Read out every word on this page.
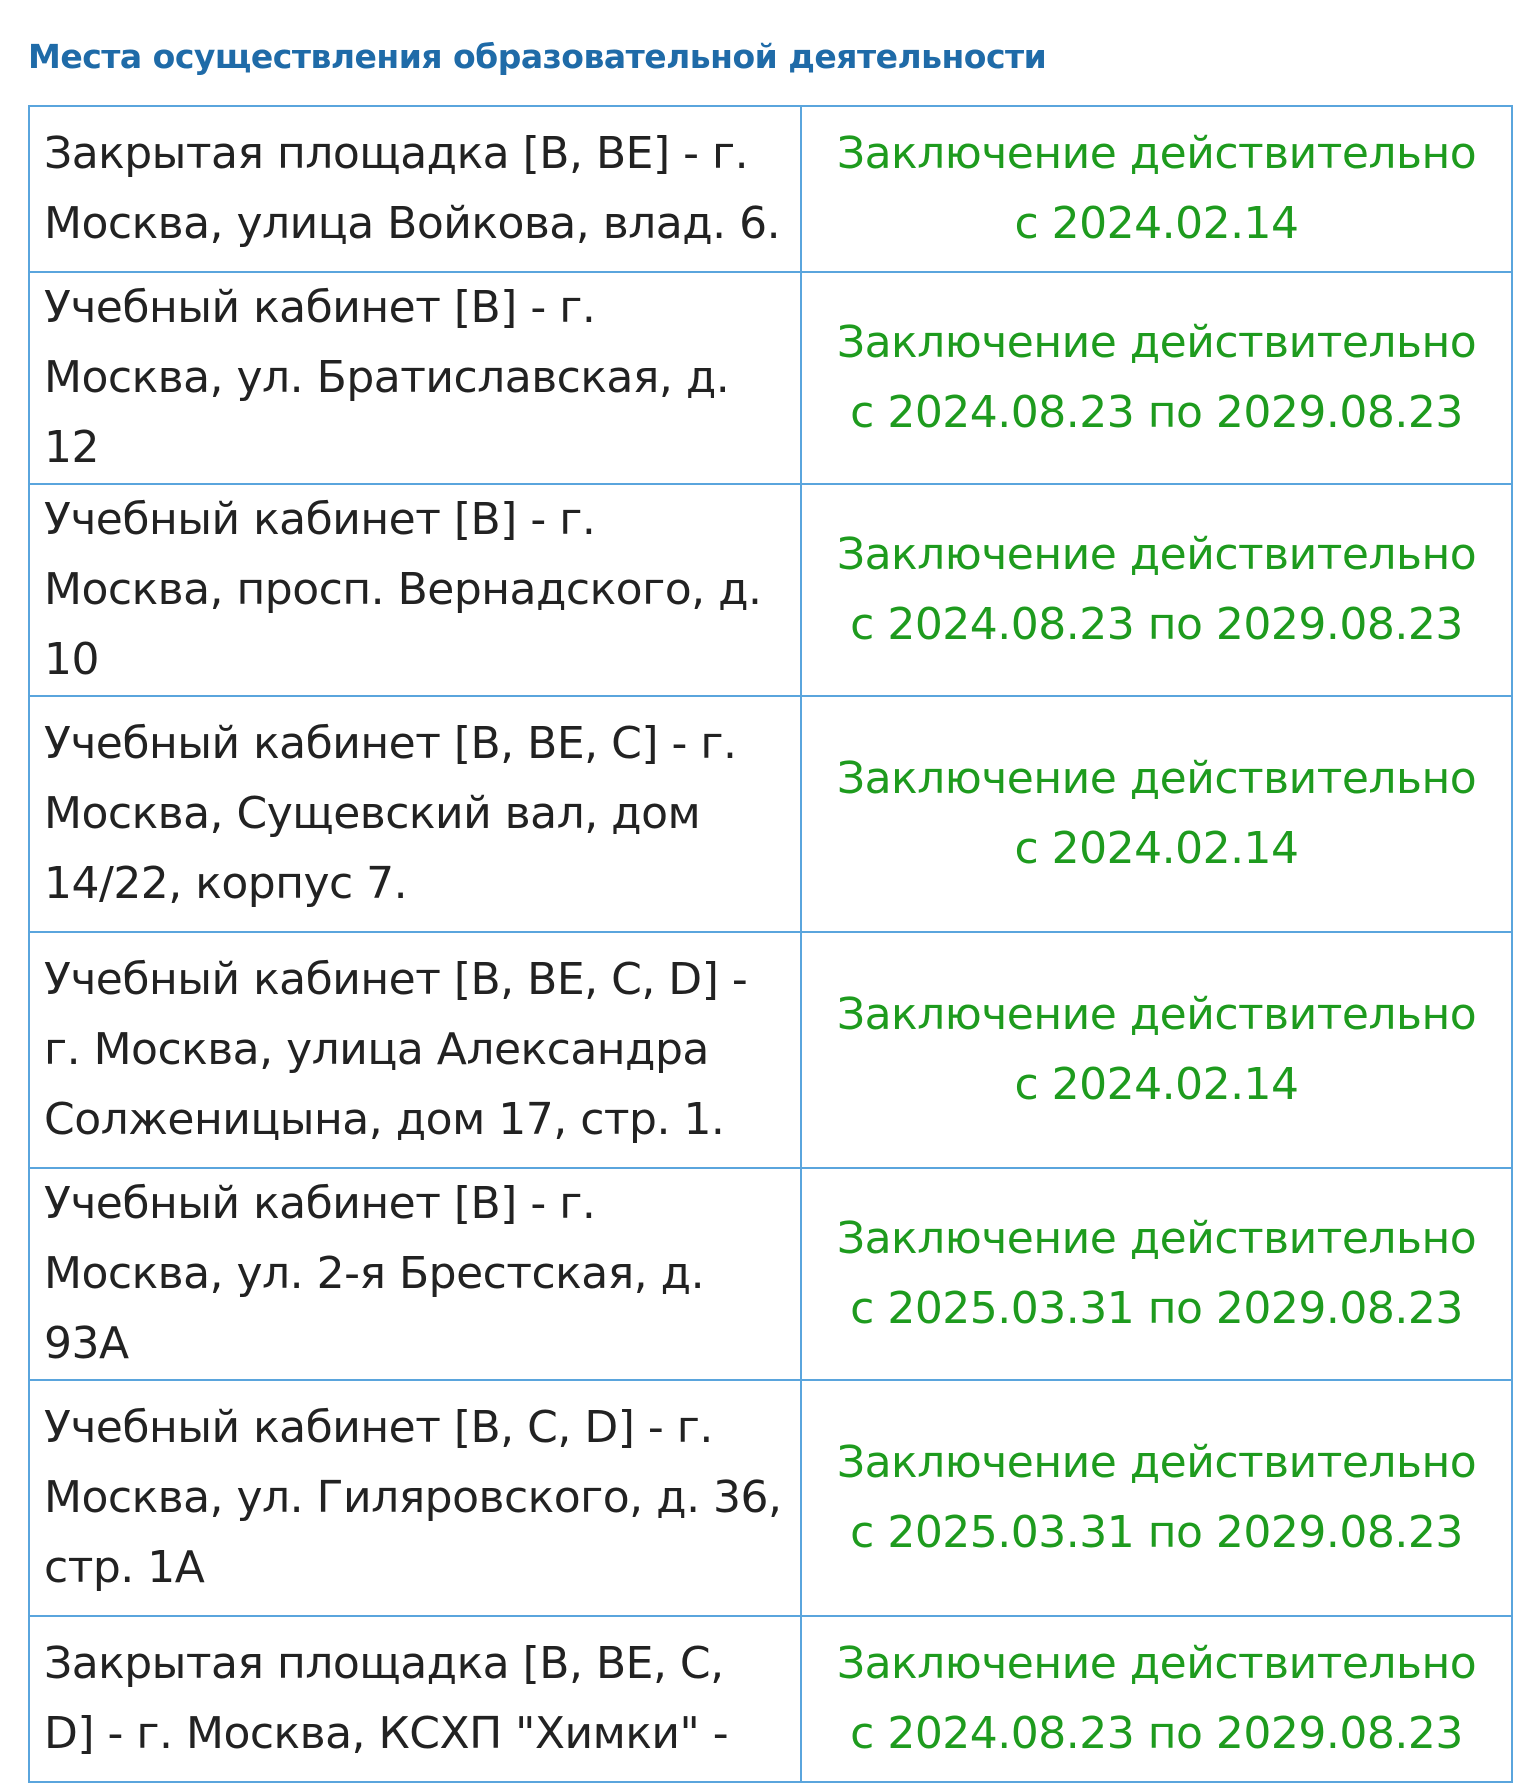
Места осуществления образовательной деятельности
Закрытая площадка [B, BE] - г. Москва, улица Войкова, влад. 6.	Заключение действительно
с 2024.02.14

Учебный кабинет [B] - г. Москва, ул. Братиславская, д. 12	Заключение действительно
с 2024.08.23 по 2029.08.23

Учебный кабинет [B] - г. Москва, просп. Вернадского, д. 10	Заключение действительно
с 2024.08.23 по 2029.08.23

Учебный кабинет [B, BE, C] - г. Москва, Сущевский вал, дом 14/22, корпус 7.	Заключение действительно
с 2024.02.14

Учебный кабинет [B, BE, C, D] - г. Москва, улица Александра Солженицына, дом 17, стр. 1.	Заключение действительно
с 2024.02.14

Учебный кабинет [B] - г. Москва, ул. 2-я Брестская, д. 93А	Заключение действительно
с 2025.03.31 по 2029.08.23

Учебный кабинет [B, C, D] - г. Москва, ул. Гиляровского, д. 36, стр. 1А	Заключение действительно
с 2025.03.31 по 2029.08.23

Закрытая площадка [B, BE, C, D] - г. Москва, КСХП "Химки" -	Заключение действительно
с 2024.08.23 по 2029.08.23
